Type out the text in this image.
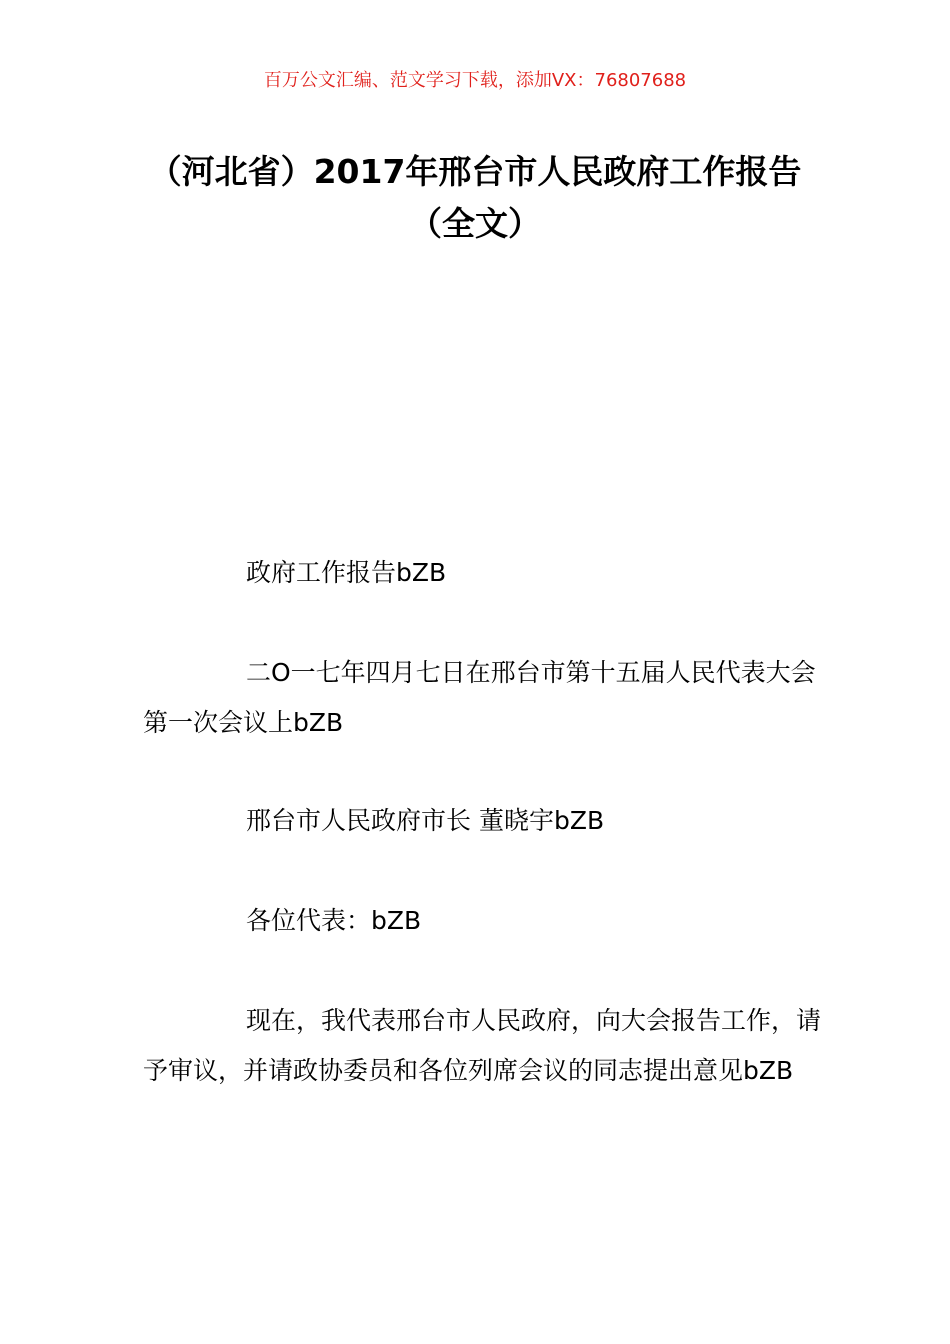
百万公文汇编、范文学习下载，添加VX：76807688
（河北省）2017年邢台市人民政府工作报告（全文）

政府工作报告bZB

二O一七年四月七日在邢台市第十五届人民代表大会第一次会议上bZB

邢台市人民政府市长 董晓宇bZB

各位代表：bZB

现在，我代表邢台市人民政府，向大会报告工作，请予审议，并请政协委员和各位列席会议的同志提出意见bZB
